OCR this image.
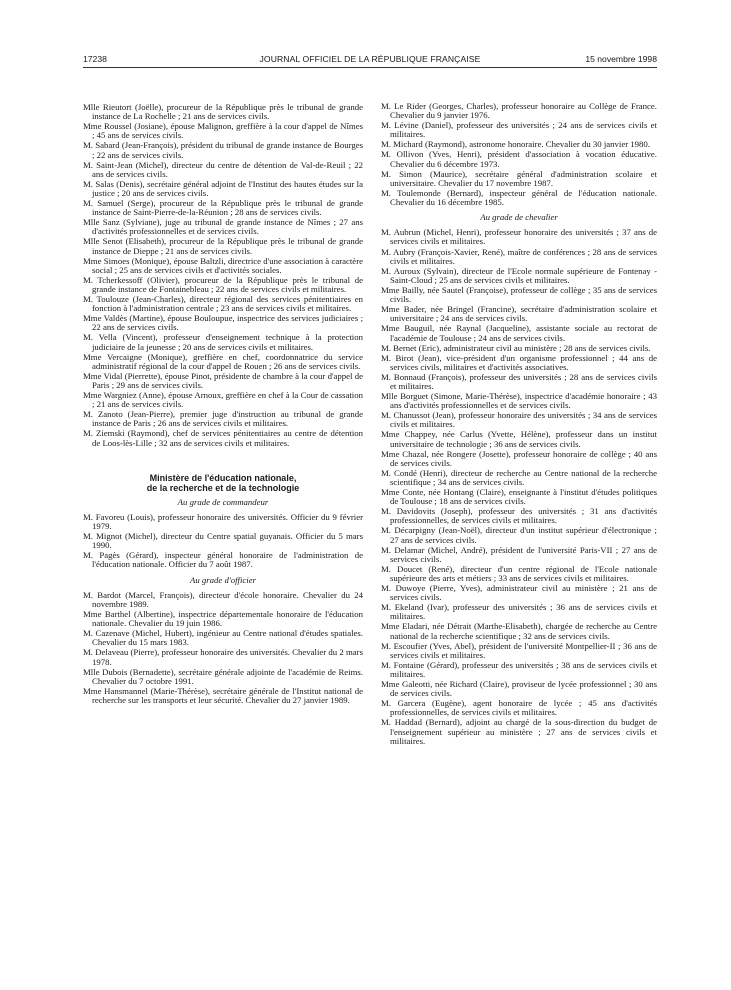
17238	JOURNAL OFFICIEL DE LA RÉPUBLIQUE FRANÇAISE	15 novembre 1998

Mlle Rieutort (Joëlle), procureur de la République près le tribunal de grande instance de La Rochelle ; 21 ans de services civils.

Mme Roussel (Josiane), épouse Malignon, greffière à la cour d'appel de Nîmes ; 45 ans de services civils.

M. Sabard (Jean-François), président du tribunal de grande instance de Bourges ; 22 ans de services civils.

M. Saint-Jean (Michel), directeur du centre de détention de Val-de-Reuil ; 22 ans de services civils.

M. Salas (Denis), secrétaire général adjoint de l'Institut des hautes études sur la justice ; 20 ans de services civils.

M. Samuel (Serge), procureur de la République près le tribunal de grande instance de Saint-Pierre-de-la-Réunion ; 28 ans de services civils.

Mlle Sanz (Sylviane), juge au tribunal de grande instance de Nîmes ; 27 ans d'activités professionnelles et de services civils.

Mlle Senot (Elisabeth), procureur de la République près le tribunal de grande instance de Dieppe ; 21 ans de services civils.

Mme Simoes (Monique), épouse Baltzli, directrice d'une association à caractère social ; 25 ans de services civils et d'activités sociales.

M. Tcherkessoff (Olivier), procureur de la République près le tribunal de grande instance de Fontainebleau ; 22 ans de services civils et militaires.

M. Toulouze (Jean-Charles), directeur régional des services pénitentiaires en fonction à l'administration centrale ; 23 ans de services civils et militaires.

Mme Valdès (Martine), épouse Bouloupue, inspectrice des services judiciaires ; 22 ans de services civils.

M. Vella (Vincent), professeur d'enseignement technique à la protection judiciaire de la jeunesse ; 20 ans de services civils et militaires.

Mme Vercaigne (Monique), greffière en chef, coordonnatrice du service administratif régional de la cour d'appel de Rouen ; 26 ans de services civils.

Mme Vidal (Pierrette), épouse Pinot, présidente de chambre à la cour d'appel de Paris ; 29 ans de services civils.

Mme Wargniez (Anne), épouse Arnoux, greffière en chef à la Cour de cassation ; 21 ans de services civils.

M. Zanoto (Jean-Pierre), premier juge d'instruction au tribunal de grande instance de Paris ; 26 ans de services civils et militaires.

M. Ziemski (Raymond), chef de services pénitentiaires au centre de détention de Loos-lès-Lille ; 32 ans de services civils et militaires.

Ministère de l'éducation nationale,
de la recherche et de la technologie
Au grade de commandeur

M. Favoreu (Louis), professeur honoraire des universités. Officier du 9 février 1979.

M. Mignot (Michel), directeur du Centre spatial guyanais. Officier du 5 mars 1990.

M. Pagès (Gérard), inspecteur général honoraire de l'administration de l'éducation nationale. Officier du 7 août 1987.

Au grade d'officier

M. Bardot (Marcel, François), directeur d'école honoraire. Chevalier du 24 novembre 1989.

Mme Barthel (Albertine), inspectrice départementale honoraire de l'éducation nationale. Chevalier du 19 juin 1986.

M. Cazenave (Michel, Hubert), ingénieur au Centre national d'études spatiales. Chevalier du 15 mars 1983.

M. Delaveau (Pierre), professeur honoraire des universités. Chevalier du 2 mars 1978.

Mlle Dubois (Bernadette), secrétaire générale adjointe de l'académie de Reims. Chevalier du 7 octobre 1991.

Mme Hansmannel (Marie-Thérèse), secrétaire générale de l'Institut national de recherche sur les transports et leur sécurité. Chevalier du 27 janvier 1989.

M. Le Rider (Georges, Charles), professeur honoraire au Collège de France. Chevalier du 9 janvier 1976.

M. Lévine (Daniel), professeur des universités ; 24 ans de services civils et militaires.

M. Michard (Raymond), astronome honoraire. Chevalier du 30 janvier 1980.

M. Ollivon (Yves, Henri), président d'association à vocation éducative. Chevalier du 6 décembre 1973.

M. Simon (Maurice), secrétaire général d'administration scolaire et universitaire. Chevalier du 17 novembre 1987.

M. Toulemonde (Bernard), inspecteur général de l'éducation nationale. Chevalier du 16 décembre 1985.

Au grade de chevalier

M. Aubrun (Michel, Henri), professeur honoraire des universités ; 37 ans de services civils et militaires.

M. Aubry (François-Xavier, René), maître de conférences ; 28 ans de services civils et militaires.

M. Auroux (Sylvain), directeur de l'Ecole normale supérieure de Fontenay - Saint-Cloud ; 25 ans de services civils et militaires.

Mme Bailly, née Sautel (Françoise), professeur de collège ; 35 ans de services civils.

Mme Bader, née Bringel (Francine), secrétaire d'administration scolaire et universitaire ; 24 ans de services civils.

Mme Bauguil, née Raynal (Jacqueline), assistante sociale au rectorat de l'académie de Toulouse ; 24 ans de services civils.

M. Bernet (Eric), administrateur civil au ministère ; 28 ans de services civils.

M. Birot (Jean), vice-président d'un organisme professionnel ; 44 ans de services civils, militaires et d'activités associatives.

M. Bonnaud (François), professeur des universités ; 28 ans de services civils et militaires.

Mlle Borguet (Simone, Marie-Thérèse), inspectrice d'académie honoraire ; 43 ans d'activités professionnelles et de services civils.

M. Chanussot (Jean), professeur honoraire des universités ; 34 ans de services civils et militaires.

Mme Chappey, née Carlus (Yvette, Hélène), professeur dans un institut universitaire de technologie ; 36 ans de services civils.

Mme Chazal, née Rongere (Josette), professeur honoraire de collège ; 40 ans de services civils.

M. Condé (Henri), directeur de recherche au Centre national de la recherche scientifique ; 34 ans de services civils.

Mme Conte, née Hontang (Claire), enseignante à l'institut d'études politiques de Toulouse ; 18 ans de services civils.

M. Davidovits (Joseph), professeur des universités ; 31 ans d'activités professionnelles, de services civils et militaires.

M. Décarpigny (Jean-Noël), directeur d'un institut supérieur d'électronique ; 27 ans de services civils.

M. Delamar (Michel, André), président de l'université Paris-VII ; 27 ans de services civils.

M. Doucet (René), directeur d'un centre régional de l'Ecole nationale supérieure des arts et métiers ; 33 ans de services civils et militaires.

M. Duwoye (Pierre, Yves), administrateur civil au ministère ; 21 ans de services civils.

M. Ekeland (Ivar), professeur des universités ; 36 ans de services civils et militaires.

Mme Eladari, née Détrait (Marthe-Elisabeth), chargée de recherche au Centre national de la recherche scientifique ; 32 ans de services civils.

M. Escoufier (Yves, Abel), président de l'université Montpellier-II ; 36 ans de services civils et militaires.

M. Fontaine (Gérard), professeur des universités ; 38 ans de services civils et militaires.

Mme Galeotti, née Richard (Claire), proviseur de lycée professionnel ; 30 ans de services civils.

M. Garcera (Eugène), agent honoraire de lycée ; 45 ans d'activités professionnelles, de services civils et militaires.

M. Haddad (Bernard), adjoint au chargé de la sous-direction du budget de l'enseignement supérieur au ministère ; 27 ans de services civils et militaires.
